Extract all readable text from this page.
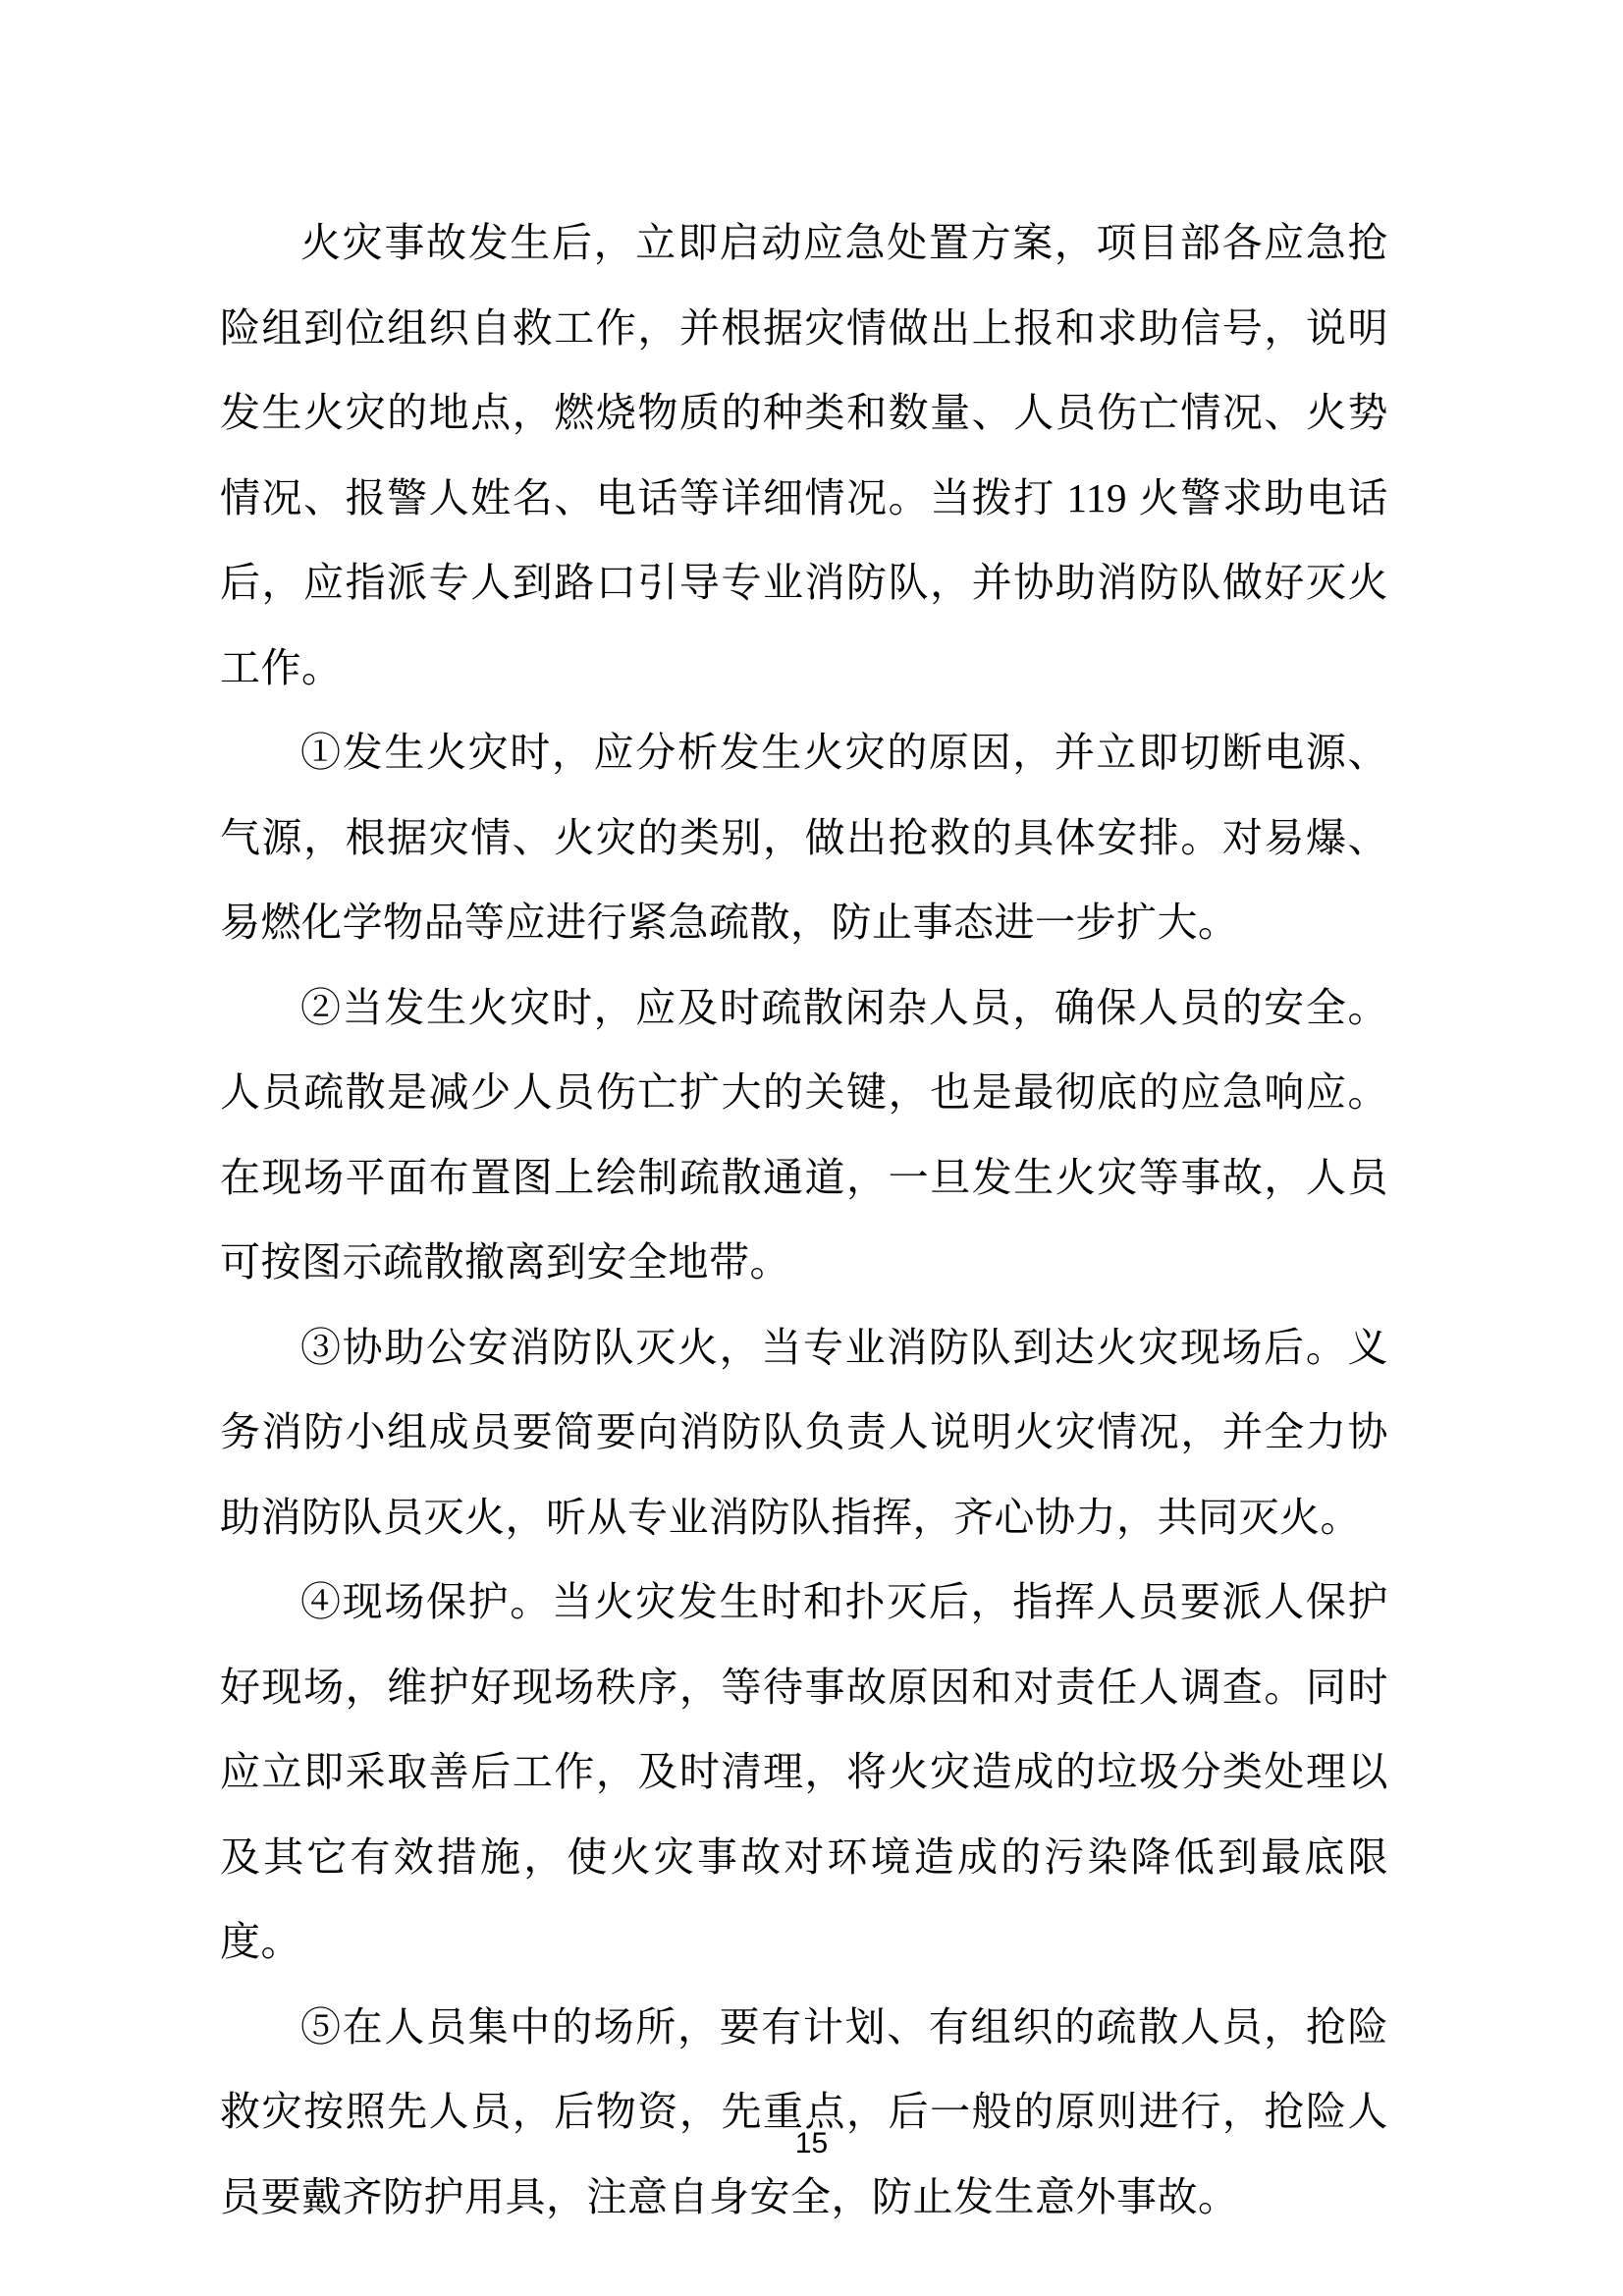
火灾事故发生后，立即启动应急处置方案，项目部各应急抢险组到位组织自救工作，并根据灾情做出上报和求助信号，说明发生火灾的地点，燃烧物质的种类和数量、人员伤亡情况、火势情况、报警人姓名、电话等详细情况。当拨打 119 火警求助电话后，应指派专人到路口引导专业消防队，并协助消防队做好灭火工作。

①发生火灾时，应分析发生火灾的原因，并立即切断电源、气源，根据灾情、火灾的类别，做出抢救的具体安排。对易爆、易燃化学物品等应进行紧急疏散，防止事态进一步扩大。

②当发生火灾时，应及时疏散闲杂人员，确保人员的安全。人员疏散是减少人员伤亡扩大的关键，也是最彻底的应急响应。在现场平面布置图上绘制疏散通道，一旦发生火灾等事故，人员可按图示疏散撤离到安全地带。

③协助公安消防队灭火，当专业消防队到达火灾现场后。义务消防小组成员要简要向消防队负责人说明火灾情况，并全力协助消防队员灭火，听从专业消防队指挥，齐心协力，共同灭火。

④现场保护。当火灾发生时和扑灭后，指挥人员要派人保护好现场，维护好现场秩序，等待事故原因和对责任人调查。同时应立即采取善后工作，及时清理，将火灾造成的垃圾分类处理以及其它有效措施，使火灾事故对环境造成的污染降低到最底限度。

⑤在人员集中的场所，要有计划、有组织的疏散人员，抢险救灾按照先人员，后物资，先重点，后一般的原则进行，抢险人员要戴齐防护用具，注意自身安全，防止发生意外事故。

15
